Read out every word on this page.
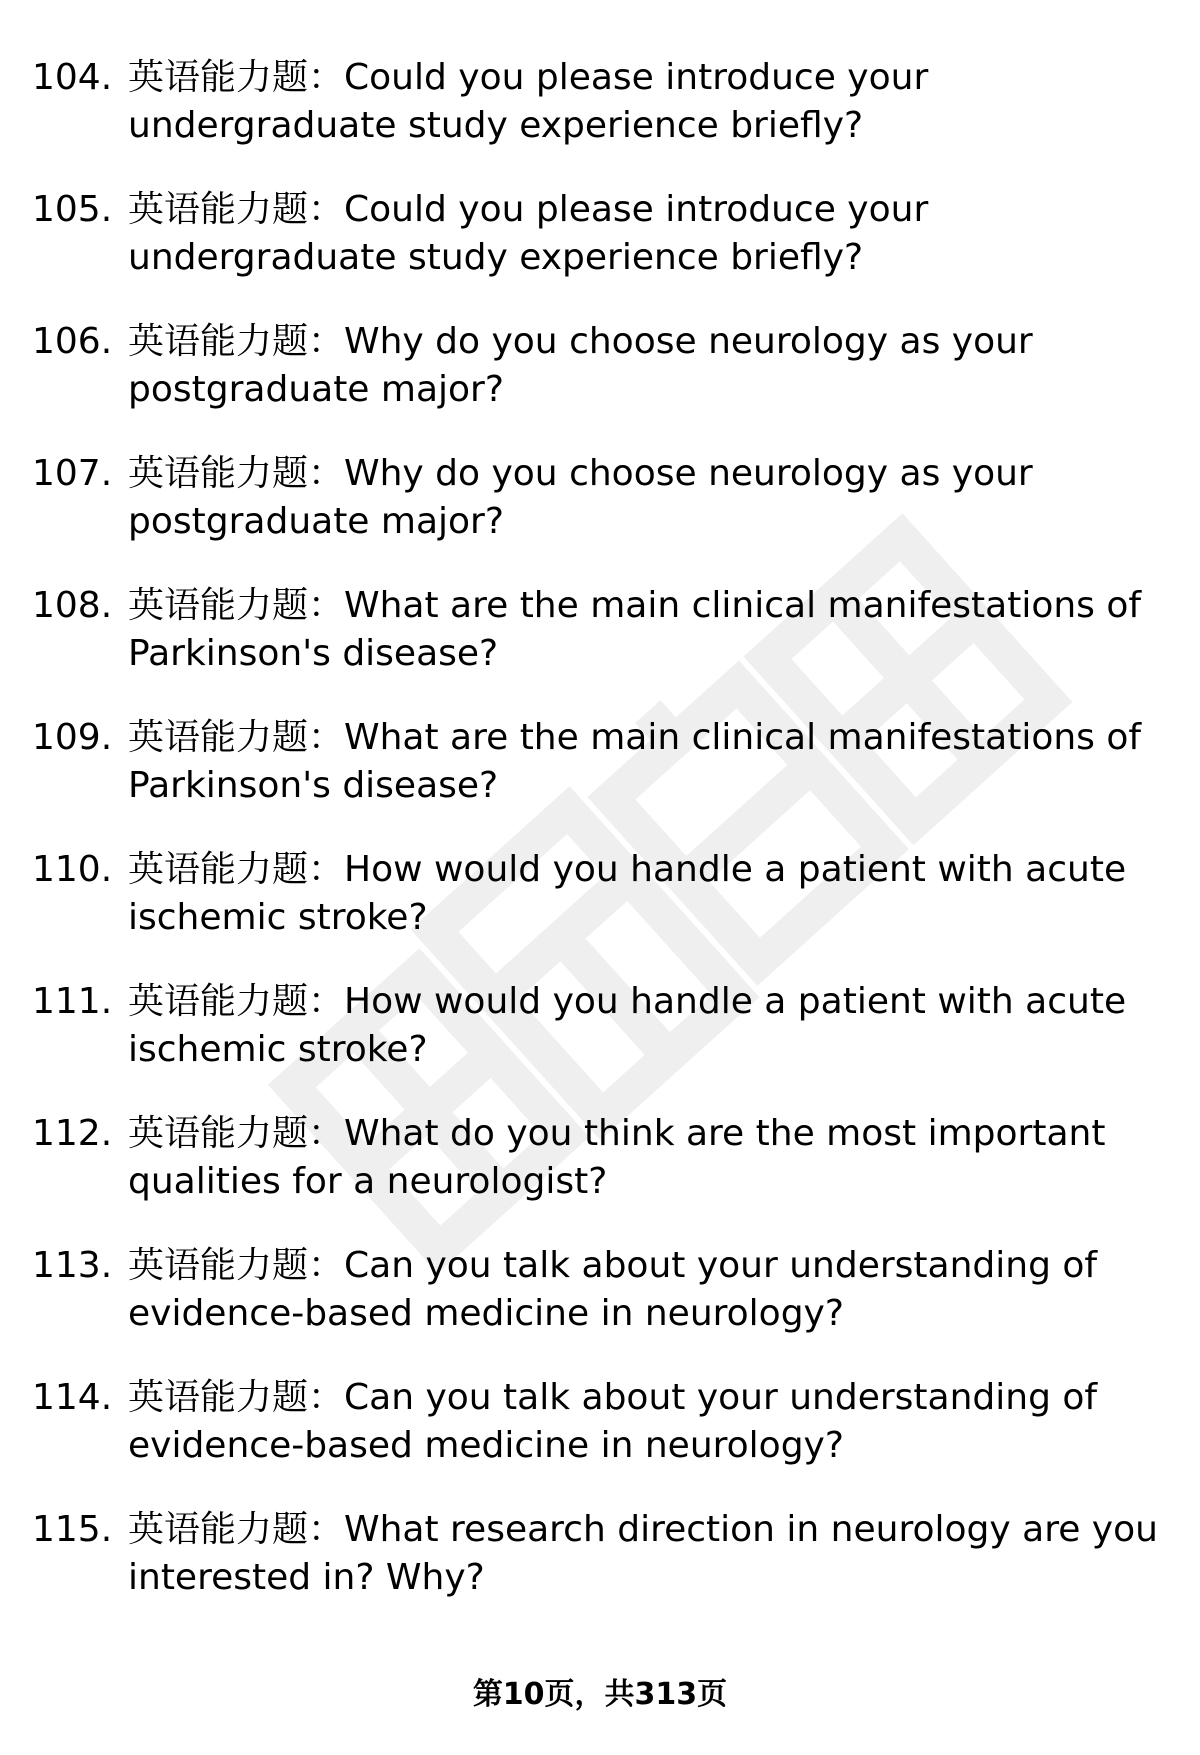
104. 英语能力题：Could you please introduce your
undergraduate study experience briefly?
105. 英语能力题：Could you please introduce your
undergraduate study experience briefly?
106. 英语能力题：Why do you choose neurology as your
postgraduate major?
107. 英语能力题：Why do you choose neurology as your
postgraduate major?
108. 英语能力题：What are the main clinical manifestations of
Parkinson's disease?
109. 英语能力题：What are the main clinical manifestations of
Parkinson's disease?
110. 英语能力题：How would you handle a patient with acute
ischemic stroke?
111. 英语能力题：How would you handle a patient with acute
ischemic stroke?
112. 英语能力题：What do you think are the most important
qualities for a neurologist?
113. 英语能力题：Can you talk about your understanding of
evidence-based medicine in neurology?
114. 英语能力题：Can you talk about your understanding of
evidence-based medicine in neurology?
115. 英语能力题：What research direction in neurology are you
interested in? Why?
第10页，共313页
